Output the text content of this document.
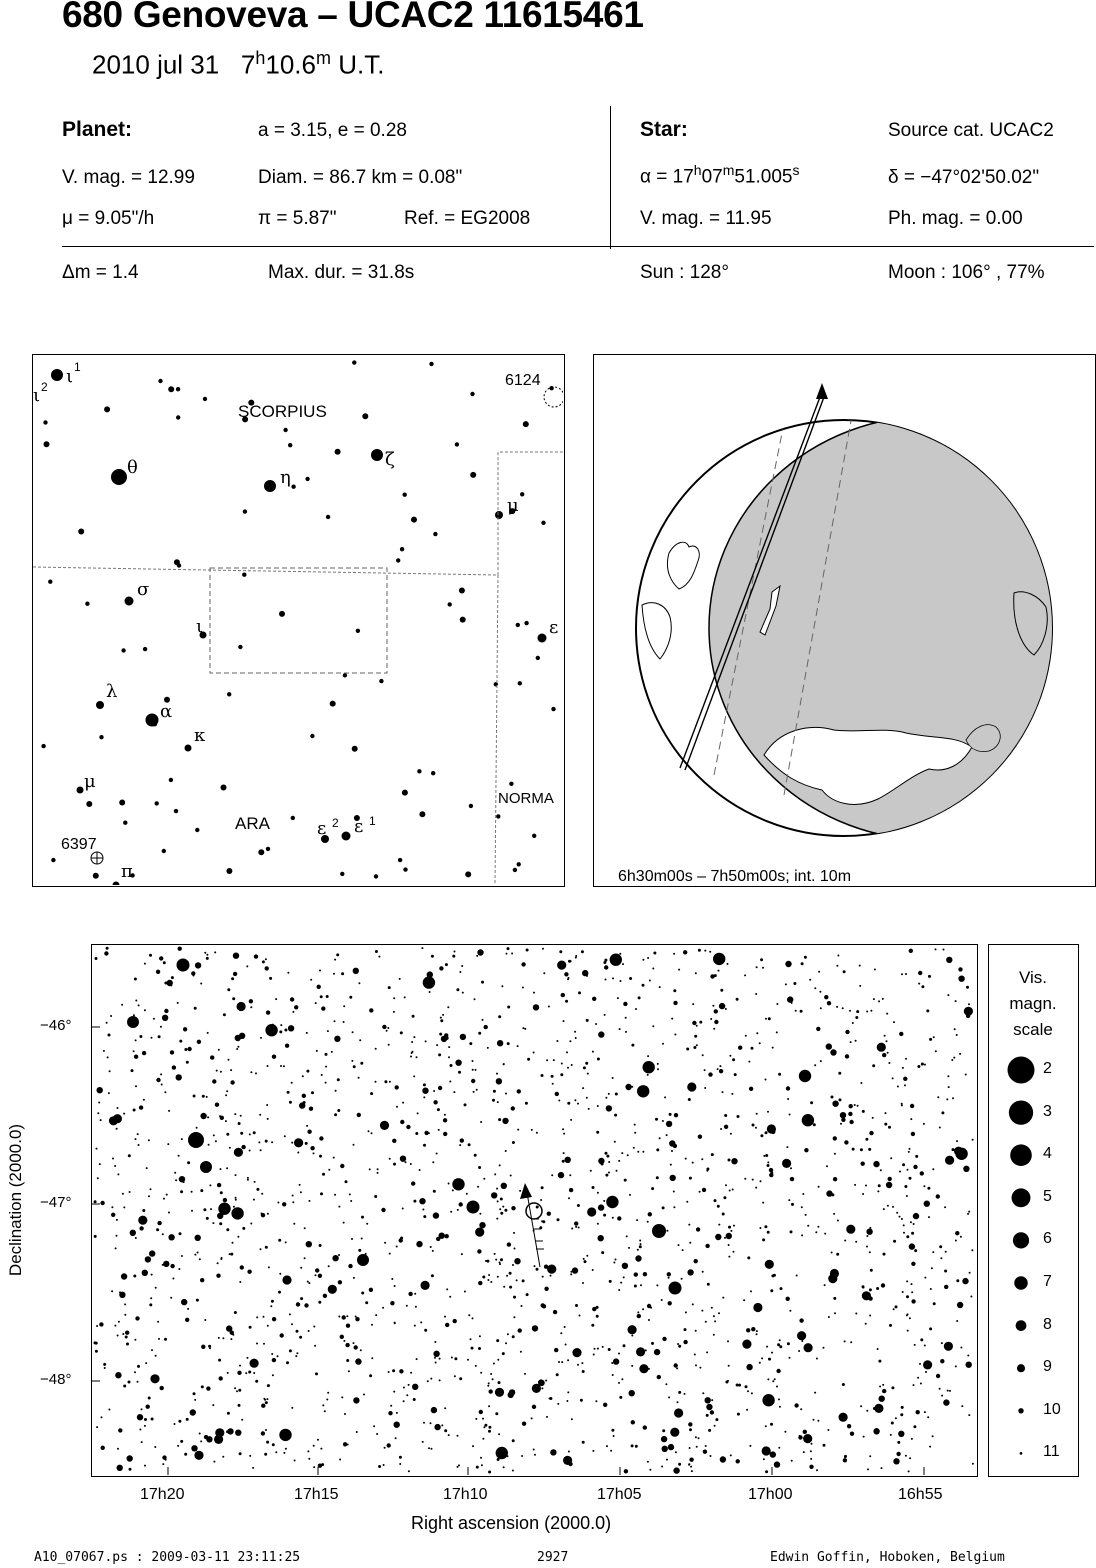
680 Genoveva – UCAC2 11615461
2010 jul 31 7$^h$10.6$^m$ U.T.
Planet:	a = 3.15, e = 0.28
V. mag. = 12.99	Diam. = 86.7 km = 0.08"
μ = 9.05"/h	π = 5.87"	Ref. = EG2008
Star:	Source cat. UCAC2
$\alpha = 17^h07^m51.005^s$	δ = −47°02'50.02"
V. mag. = 11.95	Ph. mag. = 0.00
Δm = 1.4	Max. dur. = 31.8s	Sun : 128°	Moon : 106° , 77%
SCORPIUS
ARA
NORMA
6124
6397
ι 1
ι 2
θ	η
ζ
μ
σ
ι	ε
λ
α
κ
μ
ε 2 ε 1
π	6h30m00s – 7h50m00s; int. 10m
Declination (2000.0)
17h20	17h15	17h10	17h05	17h00	16h55
Right ascension (2000.0)
−46°
−47°
−48°
Vis.
magn.
scale
2
3
4
5
6
7
8
9
10
11
A10_07067.ps : 2009-03-11 23:11:25	2927	Edwin Goffin, Hoboken, Belgium
